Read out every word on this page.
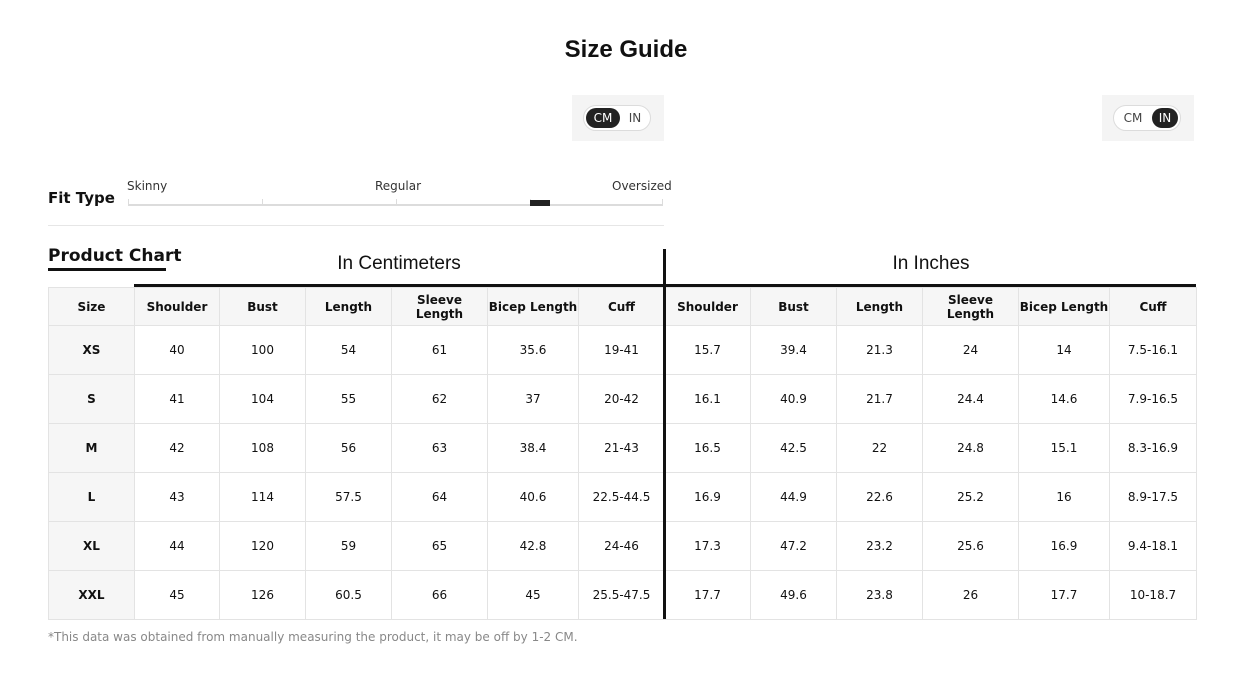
Size Guide
CM	IN	CM	IN
Fit Type
Skinny	Regular	Oversized
Product Chart	In Centimeters	In Inches
Size	Shoulder	Bust	Length	Sleeve Length	Bicep Length	Cuff	Shoulder	Bust	Length	Sleeve Length	Bicep Length	Cuff
XS	40	100	54	61	35.6	19-41	15.7	39.4	21.3	24	14	7.5-16.1
S	41	104	55	62	37	20-42	16.1	40.9	21.7	24.4	14.6	7.9-16.5
M	42	108	56	63	38.4	21-43	16.5	42.5	22	24.8	15.1	8.3-16.9
L	43	114	57.5	64	40.6	22.5-44.5	16.9	44.9	22.6	25.2	16	8.9-17.5
XL	44	120	59	65	42.8	24-46	17.3	47.2	23.2	25.6	16.9	9.4-18.1
XXL	45	126	60.5	66	45	25.5-47.5	17.7	49.6	23.8	26	17.7	10-18.7
*This data was obtained from manually measuring the product, it may be off by 1-2 CM.
